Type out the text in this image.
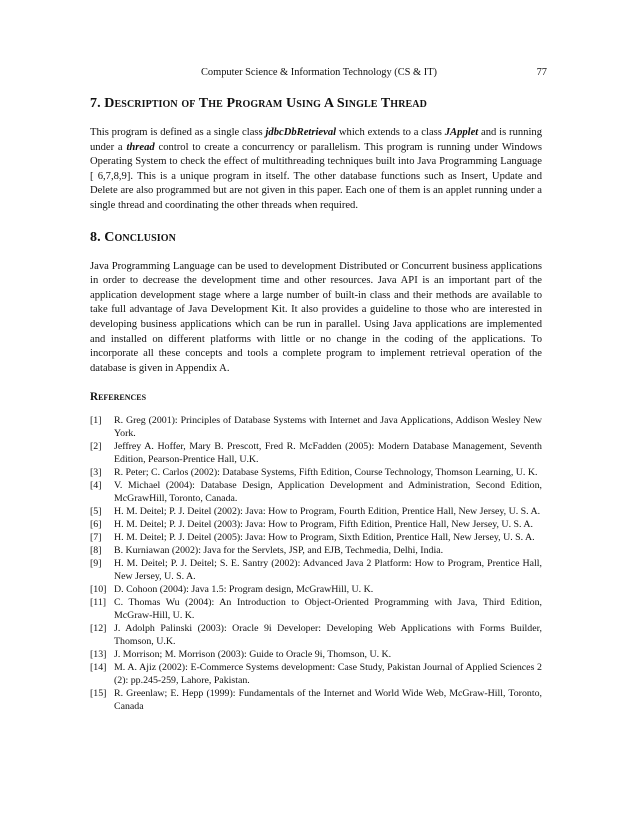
Computer Science & Information Technology (CS & IT)	77
7. Description of The Program Using A Single Thread

This program is defined as a single class jdbcDbRetrieval which extends to a class JApplet and is running under a thread control to create a concurrency or parallelism. This program is running under Windows Operating System to check the effect of multithreading techniques built into Java Programming Language [ 6,7,8,9]. This is a unique program in itself. The other database functions such as Insert, Update and Delete are also programmed but are not given in this paper. Each one of them is an applet running under a single thread and coordinating the other threads when required.

8. Conclusion

Java Programming Language can be used to development Distributed or Concurrent business applications in order to decrease the development time and other resources. Java API is an important part of the application development stage where a large number of built-in class and their methods are available to take full advantage of Java Development Kit. It also provides a guideline to those who are interested in developing business applications which can be run in parallel. Using Java applications are implemented and installed on different platforms with little or no change in the coding of the applications. To incorporate all these concepts and tools a complete program to implement retrieval operation of the database is given in Appendix A.

References
[1]	R. Greg (2001): Principles of Database Systems with Internet and Java Applications, Addison Wesley New York.
[2]	Jeffrey A. Hoffer, Mary B. Prescott, Fred R. McFadden (2005): Modern Database Management, Seventh Edition, Pearson-Prentice Hall, U.K.
[3]	R. Peter; C. Carlos (2002): Database Systems, Fifth Edition, Course Technology, Thomson Learning, U. K.
[4]	V. Michael (2004): Database Design, Application Development and Administration, Second Edition, McGrawHill, Toronto, Canada.
[5]	H. M. Deitel; P. J. Deitel (2002): Java: How to Program, Fourth Edition, Prentice Hall, New Jersey, U. S. A.
[6]	H. M. Deitel; P. J. Deitel (2003): Java: How to Program, Fifth Edition, Prentice Hall, New Jersey, U. S. A.
[7]	H. M. Deitel; P. J. Deitel (2005): Java: How to Program, Sixth Edition, Prentice Hall, New Jersey, U. S. A.
[8]	B. Kurniawan (2002): Java for the Servlets, JSP, and EJB, Techmedia, Delhi, India.
[9]	H. M. Deitel; P. J. Deitel; S. E. Santry (2002): Advanced Java 2 Platform: How to Program, Prentice Hall, New Jersey, U. S. A.
[10] D. Cohoon (2004): Java 1.5: Program design, McGrawHill, U. K.
[11] C. Thomas Wu (2004): An Introduction to Object-Oriented Programming with Java, Third Edition, McGraw-Hill, U. K.
[12] J. Adolph Palinski (2003): Oracle 9i Developer: Developing Web Applications with Forms Builder, Thomson, U.K.
[13] J. Morrison; M. Morrison (2003): Guide to Oracle 9i, Thomson, U. K.
[14] M. A. Ajiz (2002): E-Commerce Systems development: Case Study, Pakistan Journal of Applied Sciences 2 (2): pp.245-259, Lahore, Pakistan.
[15] R. Greenlaw; E. Hepp (1999): Fundamentals of the Internet and World Wide Web, McGraw-Hill, Toronto, Canada
